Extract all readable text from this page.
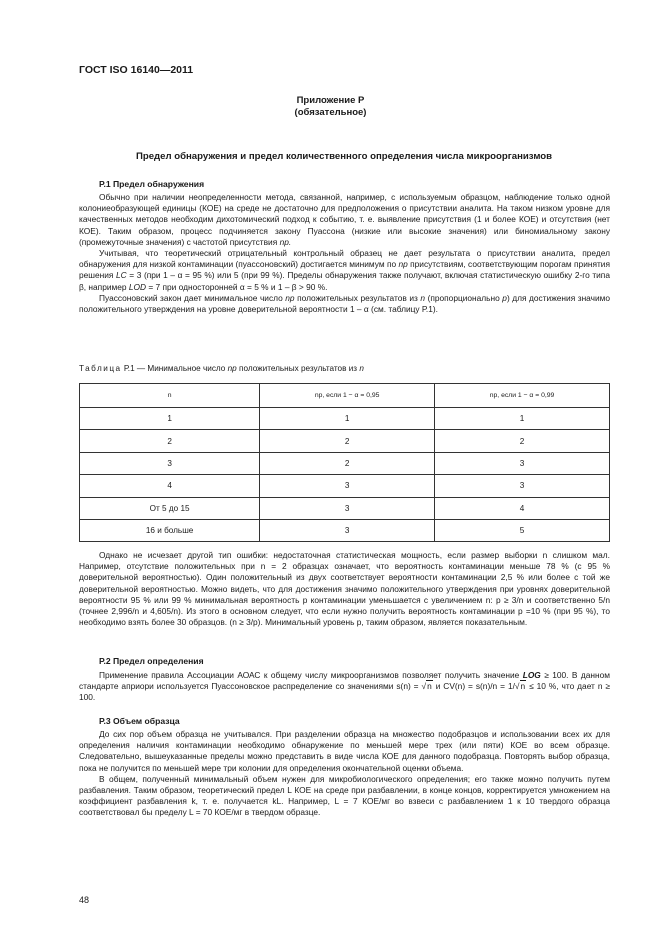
ГОСТ ISO 16140—2011
Приложение Р
(обязательное)
Предел обнаружения и предел количественного определения числа микроорганизмов
Р.1 Предел обнаружения

Обычно при наличии неопределенности метода, связанной, например, с используемым образцом, наблюдение только одной колониеобразующей единицы (КОЕ) на среде не достаточно для предположения о присутствии аналита. На таком низком уровне для качественных методов необходим дихотомический подход к событию, т. е. выявление присутствия (1 и более КОЕ) и отсутствия (нет КОЕ). Таким образом, процесс подчиняется закону Пуассона (низкие или высокие значения) или биномиальному закону (промежуточные значения) с частотой присутствия np.

Учитывая, что теоретический отрицательный контрольный образец не дает результата о присутствии аналита, предел обнаружения для низкой контаминации (пуассоновский) достигается минимум по np присутствиям, соответствующим порогам принятия решения LC = 3 (при 1 – α = 95 %) или 5 (при 99 %). Пределы обнаружения также получают, включая статистическую ошибку 2-го типа β, например LOD = 7 при односторонней α = 5 % и 1 – β > 90 %.

Пуассоновский закон дает минимальное число np положительных результатов из n (пропорционально p) для достижения значимо положительного утверждения на уровне доверительной вероятности 1 – α (см. таблицу Р.1).

Таблица Р.1 — Минимальное число np положительных результатов из n
n	np, если 1 − α = 0,95	np, если 1 − α = 0,99
1	1	1
2	2	2
3	2	3
4	3	3
От 5 до 15	3	4
16 и больше	3	5

Однако не исчезает другой тип ошибки: недостаточная статистическая мощность, если размер выборки n слишком мал. Например, отсутствие положительных при n = 2 образцах означает, что вероятность контаминации меньше 78 % (с 95 % доверительной вероятностью). Один положительный из двух соответствует вероятности контаминации 2,5 % или более с той же доверительной вероятностью. Можно видеть, что для достижения значимо положительного утверждения при уровнях доверительной вероятности 95 % или 99 % минимальная вероятность р контаминации уменьшается с увеличением n: p ≥ 3/n и соответственно 5/n (точнее 2,996/n и 4,605/n). Из этого в основном следует, что если нужно получить вероятность контаминации р =10 % (при 95 %), то необходимо взять более 30 образцов. (n ≥ 3/p). Минимальный уровень р, таким образом, является показательным.

Р.2 Предел определения

Применение правила Ассоциации АОАС к общему числу микроорганизмов позволяет получить значение LOG ≥ 100. В данном стандарте априори используется Пуассоновское распределение со значениями s(n) = √n и CV(n) = s(n)/n = 1/√n ≤ 10 %, что дает n ≥ 100.

Р.3 Объем образца

До сих пор объем образца не учитывался. При разделении образца на множество подобразцов и использовании всех их для определения наличия контаминации необходимо обнаружение по меньшей мере трех (или пяти) КОЕ во всем образце. Следовательно, вышеуказанные пределы можно представить в виде числа КОЕ для данного подобразца. Повторять выбор образца, пока не получится по меньшей мере три колонии для определения окончательной оценки объема.

В общем, полученный минимальный объем нужен для микробиологического определения; его также можно получить путем разбавления. Таким образом, теоретический предел L КОЕ на среде при разбавлении, в конце концов, корректируется умножением на коэффициент разбавления k, т. е. получается kL. Например, L = 7 КОЕ/мг во взвеси с разбавлением 1 к 10 твердого образца соответствовал бы пределу L = 70 КОЕ/мг в твердом образце.

48
